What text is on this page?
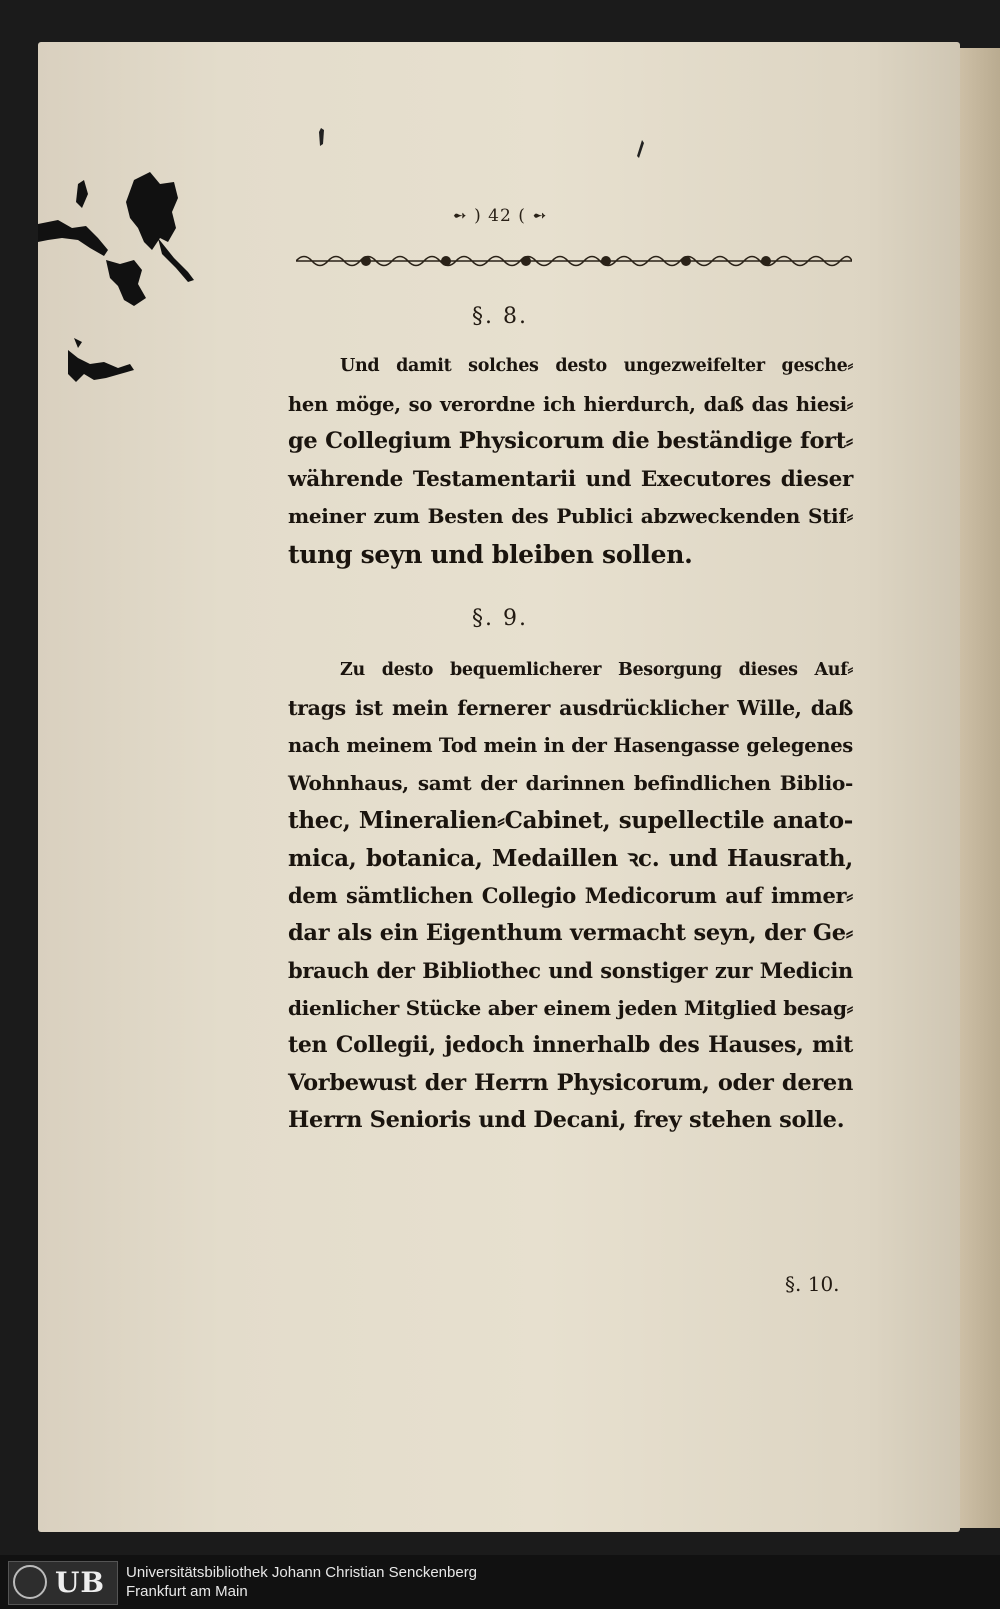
➻ ) 42 ( ➻
§. 8.
Und damit solches desto ungezweifelter gesche⸗
hen möge, so verordne ich hierdurch, daß das hiesi⸗
ge Collegium Physicorum die beständige fort⸗
währende Testamentarii und Executores dieser
meiner zum Besten des Publici abzweckenden Stif⸗
tung seyn und bleiben sollen.
§. 9.
Zu desto bequemlicherer Besorgung dieses Auf⸗
trags ist mein fernerer ausdrücklicher Wille, daß
nach meinem Tod mein in der Hasengasse gelegenes
Wohnhaus, samt der darinnen befindlichen Biblio-
thec, Mineralien⸗Cabinet, supellectile anato-
mica, botanica, Medaillen ꝛc. und Hausrath,
dem sämtlichen Collegio Medicorum auf immer⸗
dar als ein Eigenthum vermacht seyn, der Ge⸗
brauch der Bibliothec und sonstiger zur Medicin
dienlicher Stücke aber einem jeden Mitglied besag⸗
ten Collegii, jedoch innerhalb des Hauses, mit
Vorbewust der Herrn Physicorum, oder deren
Herrn Senioris und Decani, frey stehen solle.
§. 10.
UB Universitätsbibliothek Johann Christian Senckenberg
Frankfurt am Main
